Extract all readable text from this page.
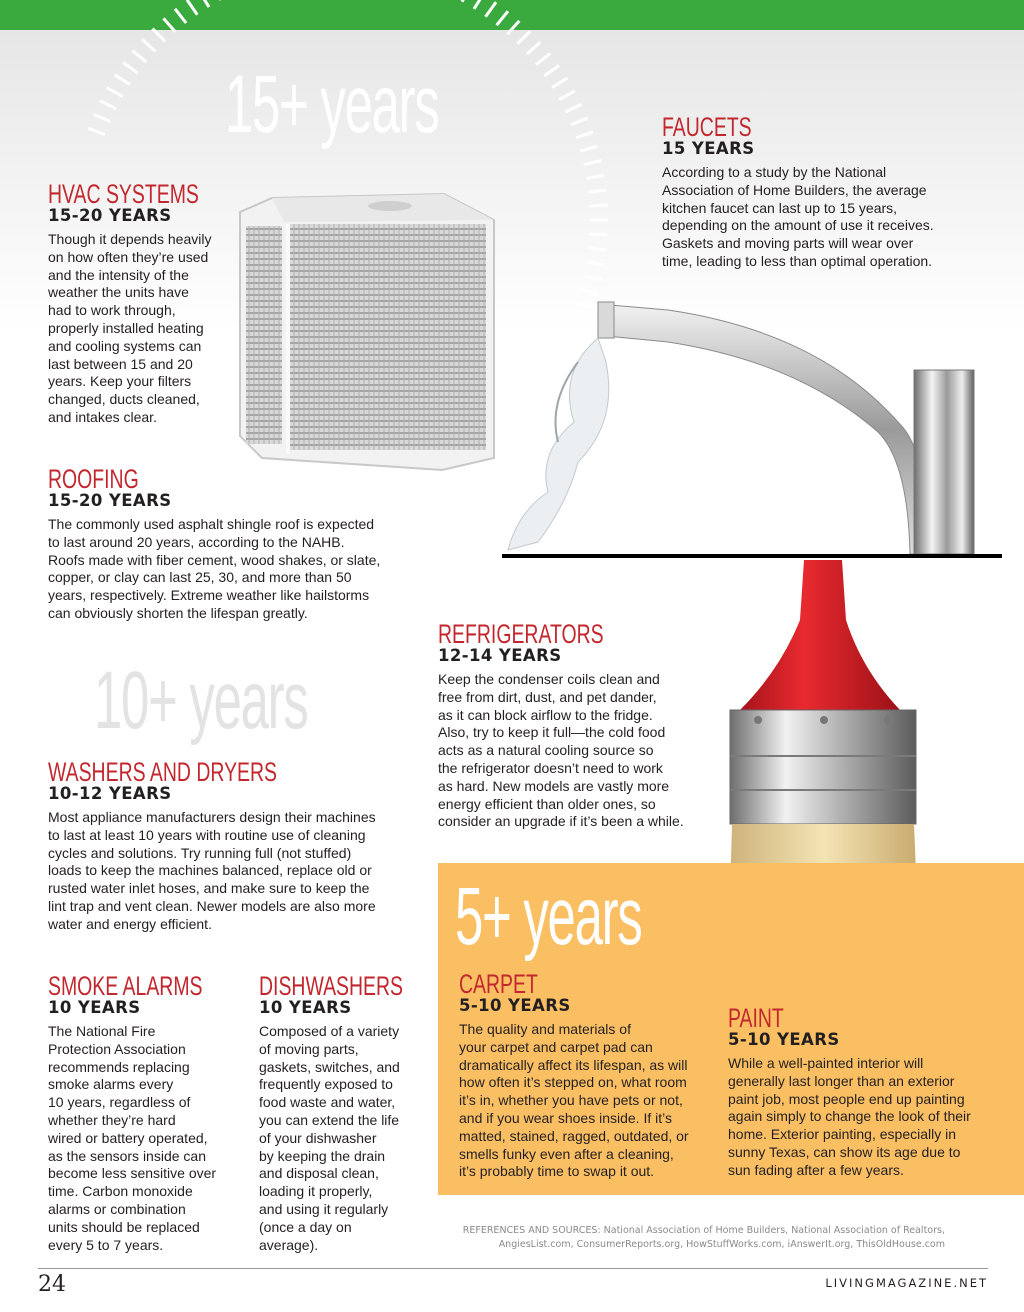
15+ years
10+ years
5+ years
HVAC SYSTEMS
15-20 YEARS
Though it depends heavily
on how often they’re used
and the intensity of the
weather the units have
had to work through,
properly installed heating
and cooling systems can
last between 15 and 20
years. Keep your filters
changed, ducts cleaned,
and intakes clear.
FAUCETS
15 YEARS
According to a study by the National
Association of Home Builders, the average
kitchen faucet can last up to 15 years,
depending on the amount of use it receives.
Gaskets and moving parts will wear over
time, leading to less than optimal operation.
ROOFING
15-20 YEARS
The commonly used asphalt shingle roof is expected
to last around 20 years, according to the NAHB.
Roofs made with fiber cement, wood shakes, or slate,
copper, or clay can last 25, 30, and more than 50
years, respectively. Extreme weather like hailstorms
can obviously shorten the lifespan greatly.
REFRIGERATORS
12-14 YEARS
Keep the condenser coils clean and
free from dirt, dust, and pet dander,
as it can block airflow to the fridge.
Also, try to keep it full—the cold food
acts as a natural cooling source so
the refrigerator doesn’t need to work
as hard. New models are vastly more
energy efficient than older ones, so
consider an upgrade if it’s been a while.
WASHERS AND DRYERS
10-12 YEARS
Most appliance manufacturers design their machines
to last at least 10 years with routine use of cleaning
cycles and solutions. Try running full (not stuffed)
loads to keep the machines balanced, replace old or
rusted water inlet hoses, and make sure to keep the
lint trap and vent clean. Newer models are also more
water and energy efficient.
SMOKE ALARMS
10 YEARS
The National Fire
Protection Association
recommends replacing
smoke alarms every
10 years, regardless of
whether they’re hard
wired or battery operated,
as the sensors inside can
become less sensitive over
time. Carbon monoxide
alarms or combination
units should be replaced
every 5 to 7 years.
DISHWASHERS
10 YEARS
Composed of a variety
of moving parts,
gaskets, switches, and
frequently exposed to
food waste and water,
you can extend the life
of your dishwasher
by keeping the drain
and disposal clean,
loading it properly,
and using it regularly
(once a day on
average).
CARPET
5-10 YEARS
The quality and materials of
your carpet and carpet pad can
dramatically affect its lifespan, as will
how often it’s stepped on, what room
it’s in, whether you have pets or not,
and if you wear shoes inside. If it’s
matted, stained, ragged, outdated, or
smells funky even after a cleaning,
it’s probably time to swap it out.
PAINT
5-10 YEARS
While a well-painted interior will
generally last longer than an exterior
paint job, most people end up painting
again simply to change the look of their
home. Exterior painting, especially in
sunny Texas, can show its age due to
sun fading after a few years.
REFERENCES AND SOURCES: National Association of Home Builders, National Association of Realtors,
AngiesList.com, ConsumerReports.org, HowStuffWorks.com, iAnswerIt.org, ThisOldHouse.com
24	LIVINGMAGAZINE.NET
